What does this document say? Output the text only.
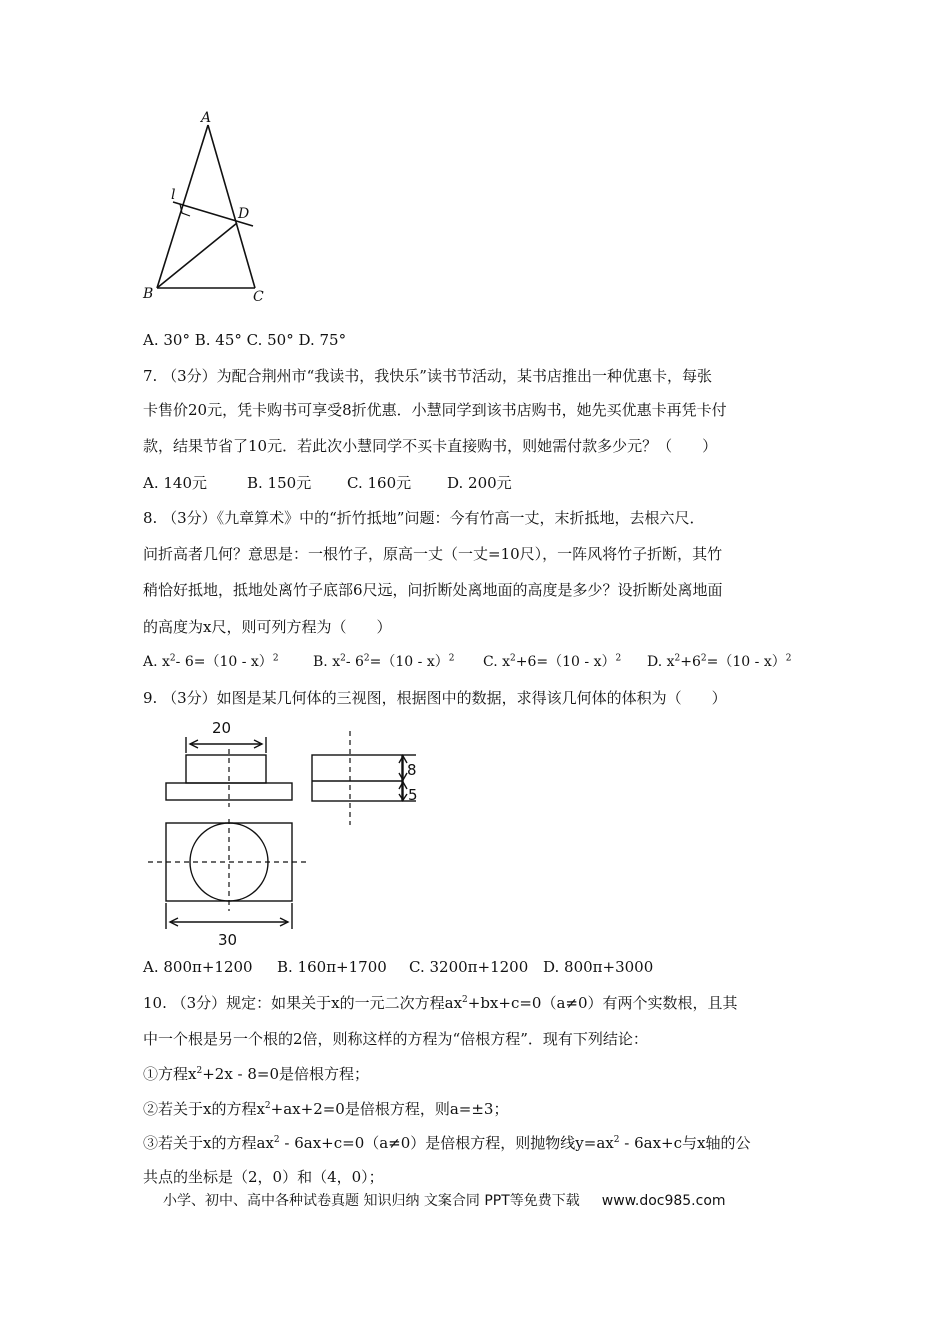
A
B	C
D
l
A. 30° B. 45° C. 50° D. 75°
7. （3分）为配合荆州市“我读书，我快乐”读书节活动，某书店推出一种优惠卡，每张
卡售价20元，凭卡购书可享受8折优惠．小慧同学到该书店购书，她先买优惠卡再凭卡付
款，结果节省了10元．若此次小慧同学不买卡直接购书，则她需付款多少元？（　　）
A. 140元	B. 150元 C. 160元 D. 200元
8. （3分）《九章算术》中的“折竹抵地”问题：今有竹高一丈，末折抵地，去根六尺．
问折高者几何？意思是：一根竹子，原高一丈（一丈=10尺），一阵风将竹子折断，其竹
稍恰好抵地，抵地处离竹子底部6尺远，问折断处离地面的高度是多少？设折断处离地面
的高度为x尺，则可列方程为（　　）
A. $x^2-$ 6=（10 - x）$^2$ B. $x^2-$ $6^2=(10 - x)^2$ C. $x^2+6=(10 - x)^2$ D. $x^2+6^2=(10 - x)^2$
9. （3分）如图是某几何体的三视图，根据图中的数据，求得该几何体的体积为（　　）
20
30
8
5
A. 800π+1200 B. 160π+1700 C. 3200π+1200 D. 800π+3000
10. （3分）规定：如果关于x的一元二次方程$ax^2+bx+c=0(a\ne 0)$有两个实数根，且其
中一个根是另一个根的2倍，则称这样的方程为“倍根方程”．现有下列结论：
①方程$x^2+2x - 8=0$是倍根方程；
②若关于x的方程$x^2+ax+2=0$是倍根方程，则a=±3；
③若关于x的方程$ax^2 - 6ax+c=0(a\ne 0)$是倍根方程，则抛物线$y=ax^2 - 6ax+c$与x轴的公
共点的坐标是（2，0）和（4，0）；
小学、初中、高中各种试卷真题 知识归纳 文案合同 PPT等免费下载 www.doc985.com
